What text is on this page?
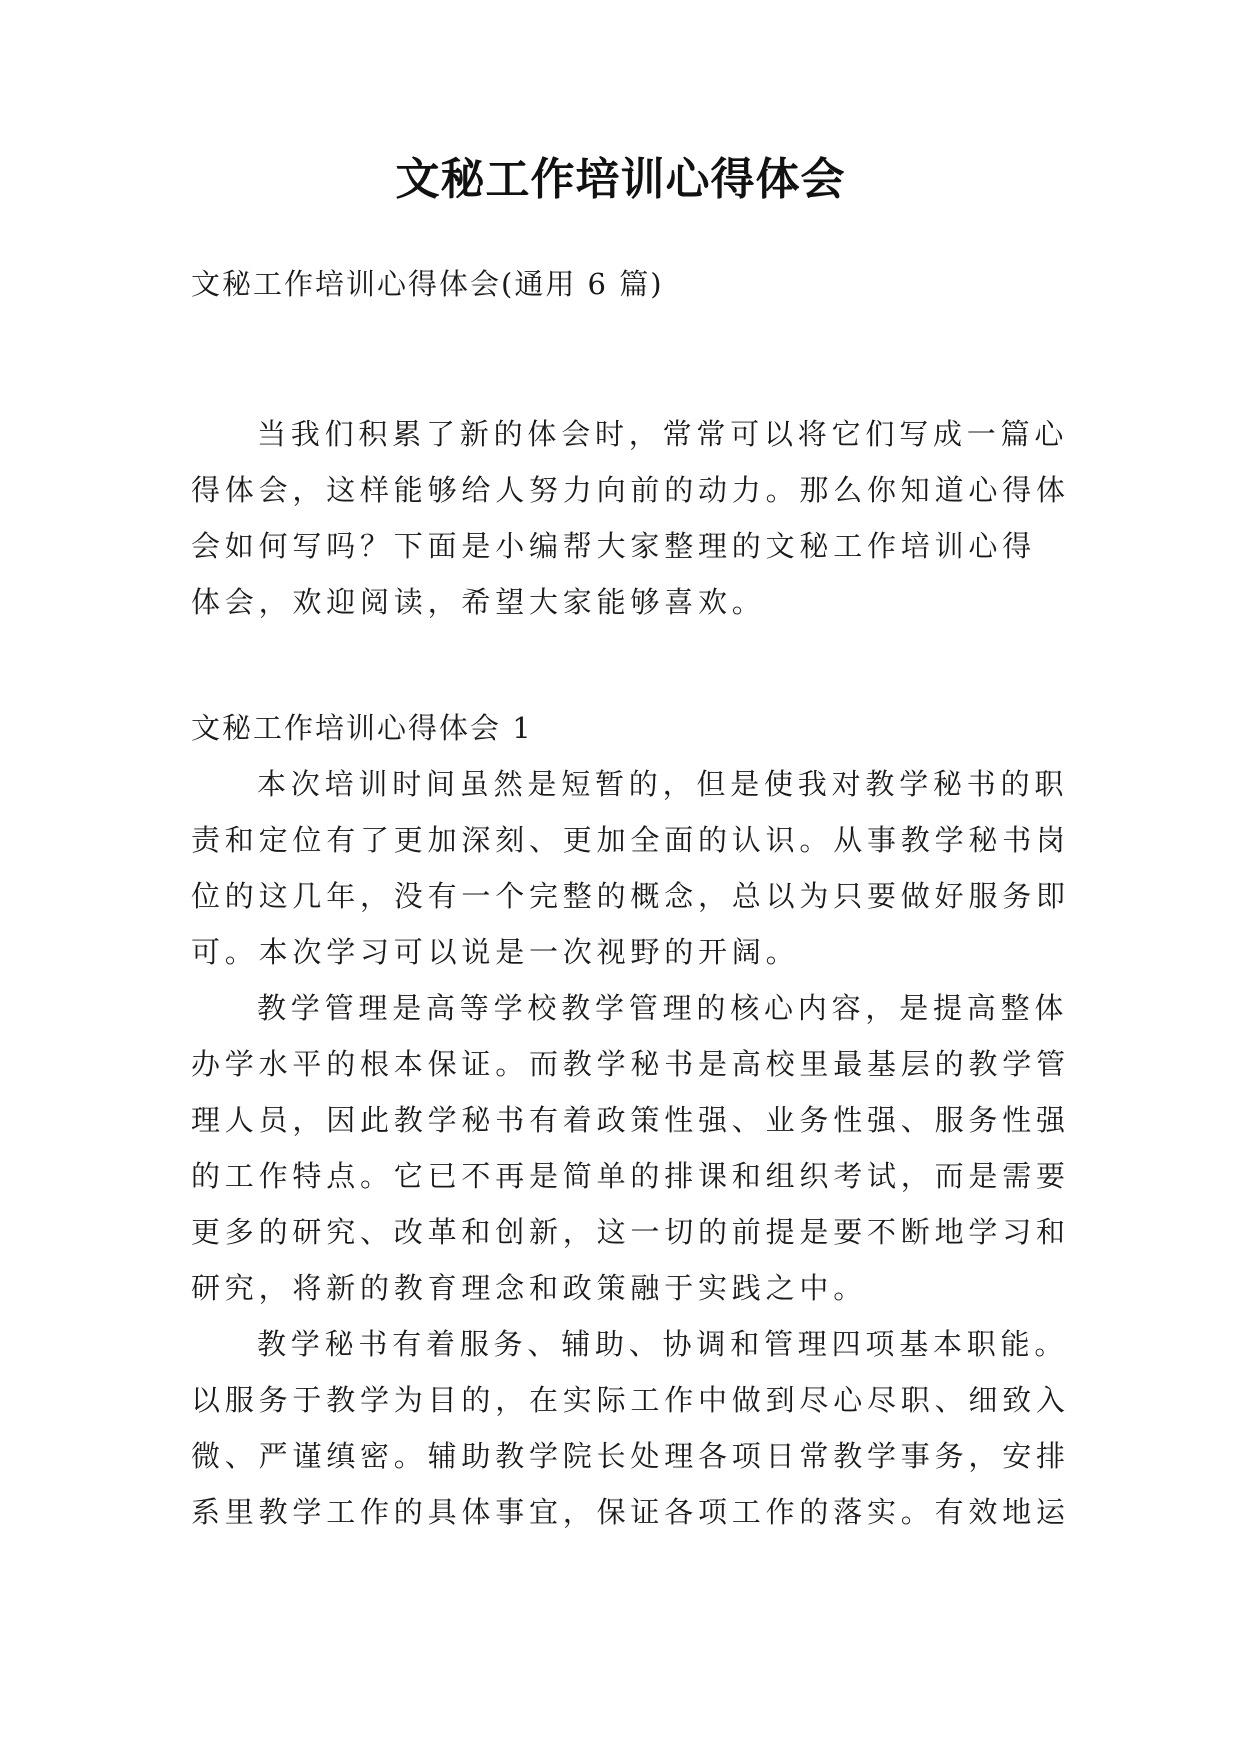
文秘工作培训心得体会
文秘工作培训心得体会(通用 6 篇)
当我们积累了新的体会时，常常可以将它们写成一篇心
得体会，这样能够给人努力向前的动力。那么你知道心得体
会如何写吗？下面是小编帮大家整理的文秘工作培训心得
体会，欢迎阅读，希望大家能够喜欢。
文秘工作培训心得体会 1
本次培训时间虽然是短暂的，但是使我对教学秘书的职
责和定位有了更加深刻、更加全面的认识。从事教学秘书岗
位的这几年，没有一个完整的概念，总以为只要做好服务即
可。本次学习可以说是一次视野的开阔。
教学管理是高等学校教学管理的核心内容，是提高整体
办学水平的根本保证。而教学秘书是高校里最基层的教学管
理人员，因此教学秘书有着政策性强、业务性强、服务性强
的工作特点。它已不再是简单的排课和组织考试，而是需要
更多的研究、改革和创新，这一切的前提是要不断地学习和
研究，将新的教育理念和政策融于实践之中。
教学秘书有着服务、辅助、协调和管理四项基本职能。
以服务于教学为目的，在实际工作中做到尽心尽职、细致入
微、严谨缜密。辅助教学院长处理各项日常教学事务，安排
系里教学工作的具体事宜，保证各项工作的落实。有效地运
